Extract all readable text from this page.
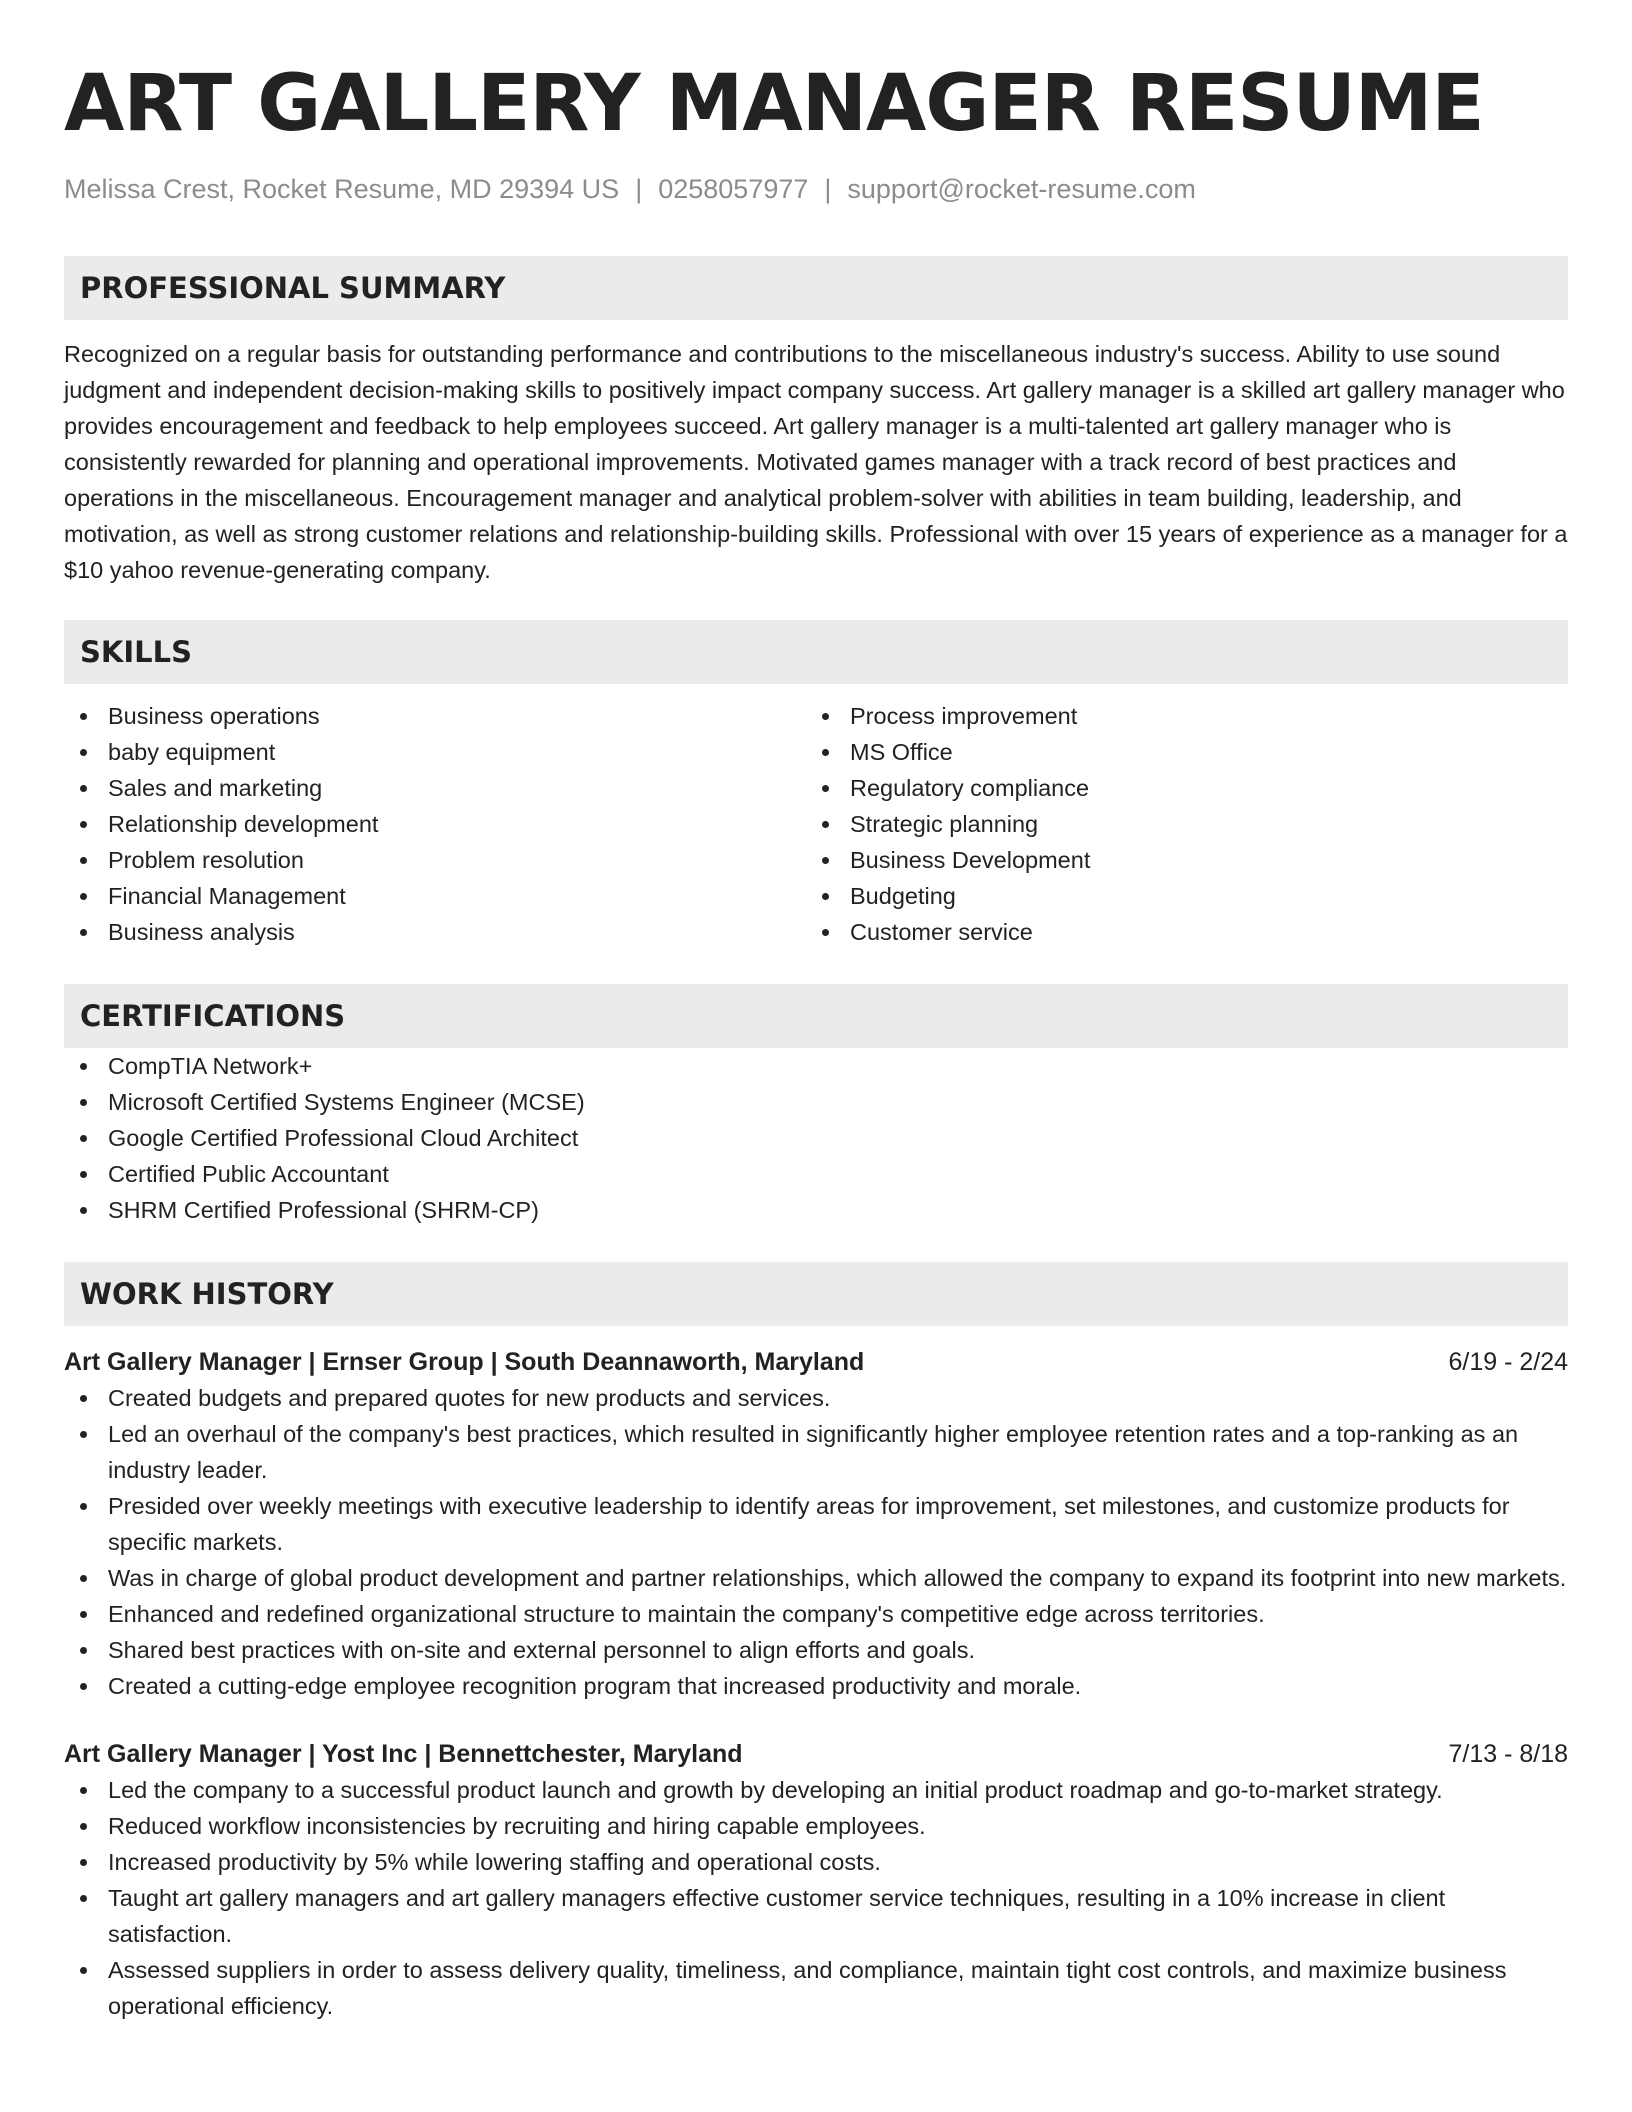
ART GALLERY MANAGER RESUME
Melissa Crest, Rocket Resume, MD 29394 US | 0258057977 | support@rocket-resume.com
PROFESSIONAL SUMMARY
Recognized on a regular basis for outstanding performance and contributions to the miscellaneous industry's success. Ability to use sound judgment and independent decision-making skills to positively impact company success. Art gallery manager is a skilled art gallery manager who provides encouragement and feedback to help employees succeed. Art gallery manager is a multi-talented art gallery manager who is consistently rewarded for planning and operational improvements. Motivated games manager with a track record of best practices and operations in the miscellaneous. Encouragement manager and analytical problem-solver with abilities in team building, leadership, and motivation, as well as strong customer relations and relationship-building skills. Professional with over 15 years of experience as a manager for a $10 yahoo revenue-generating company.
SKILLS
Business operations
baby equipment
Sales and marketing
Relationship development
Problem resolution
Financial Management
Business analysis
Process improvement
MS Office
Regulatory compliance
Strategic planning
Business Development
Budgeting
Customer service
CERTIFICATIONS
CompTIA Network+
Microsoft Certified Systems Engineer (MCSE)
Google Certified Professional Cloud Architect
Certified Public Accountant
SHRM Certified Professional (SHRM-CP)
WORK HISTORY
Art Gallery Manager | Ernser Group | South Deannaworth, Maryland	6/19 - 2/24
Created budgets and prepared quotes for new products and services.
Led an overhaul of the company's best practices, which resulted in significantly higher employee retention rates and a top-ranking as an industry leader.
Presided over weekly meetings with executive leadership to identify areas for improvement, set milestones, and customize products for specific markets.
Was in charge of global product development and partner relationships, which allowed the company to expand its footprint into new markets.
Enhanced and redefined organizational structure to maintain the company's competitive edge across territories.
Shared best practices with on-site and external personnel to align efforts and goals.
Created a cutting-edge employee recognition program that increased productivity and morale.
Art Gallery Manager | Yost Inc | Bennettchester, Maryland	7/13 - 8/18
Led the company to a successful product launch and growth by developing an initial product roadmap and go-to-market strategy.
Reduced workflow inconsistencies by recruiting and hiring capable employees.
Increased productivity by 5% while lowering staffing and operational costs.
Taught art gallery managers and art gallery managers effective customer service techniques, resulting in a 10% increase in client satisfaction.
Assessed suppliers in order to assess delivery quality, timeliness, and compliance, maintain tight cost controls, and maximize business operational efficiency.
